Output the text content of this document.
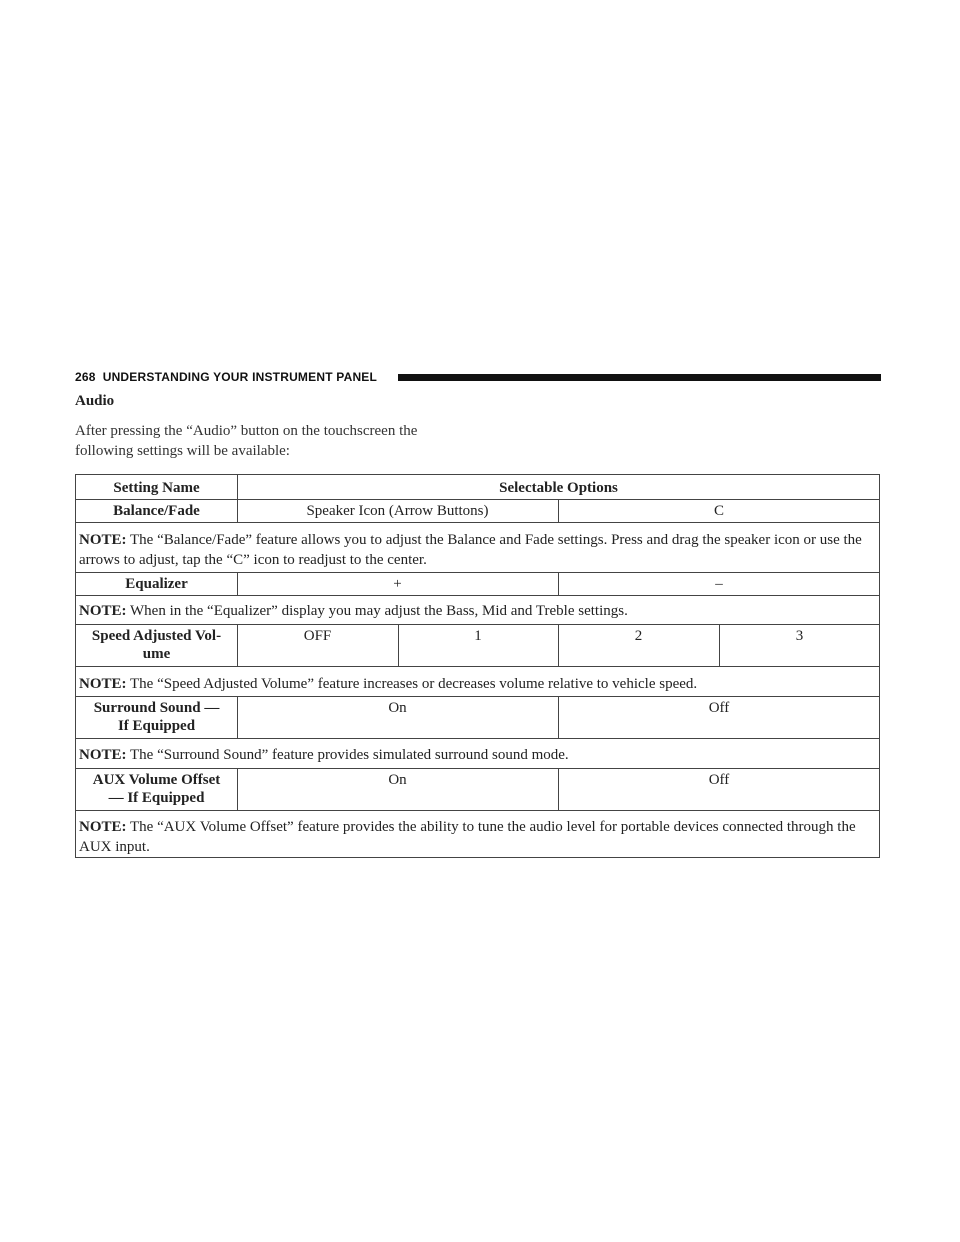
268 UNDERSTANDING YOUR INSTRUMENT PANEL
Audio
After pressing the “Audio” button on the touchscreen the
following settings will be available:
Setting Name	Selectable Options
Balance/Fade	Speaker Icon (Arrow Buttons)	C
NOTE: The “Balance/Fade” feature allows you to adjust the Balance and Fade settings. Press and drag the speaker icon or use the arrows to adjust, tap the “C” icon to readjust to the center.
Equalizer	+	–
NOTE: When in the “Equalizer” display you may adjust the Bass, Mid and Treble settings.
Speed Adjusted Vol-
ume
OFF	1	2	3
NOTE: The “Speed Adjusted Volume” feature increases or decreases volume relative to vehicle speed.
Surround Sound —
If Equipped
On	Off
NOTE: The “Surround Sound” feature provides simulated surround sound mode.
AUX Volume Offset
— If Equipped
On	Off
NOTE: The “AUX Volume Offset” feature provides the ability to tune the audio level for portable devices connected through the AUX input.
